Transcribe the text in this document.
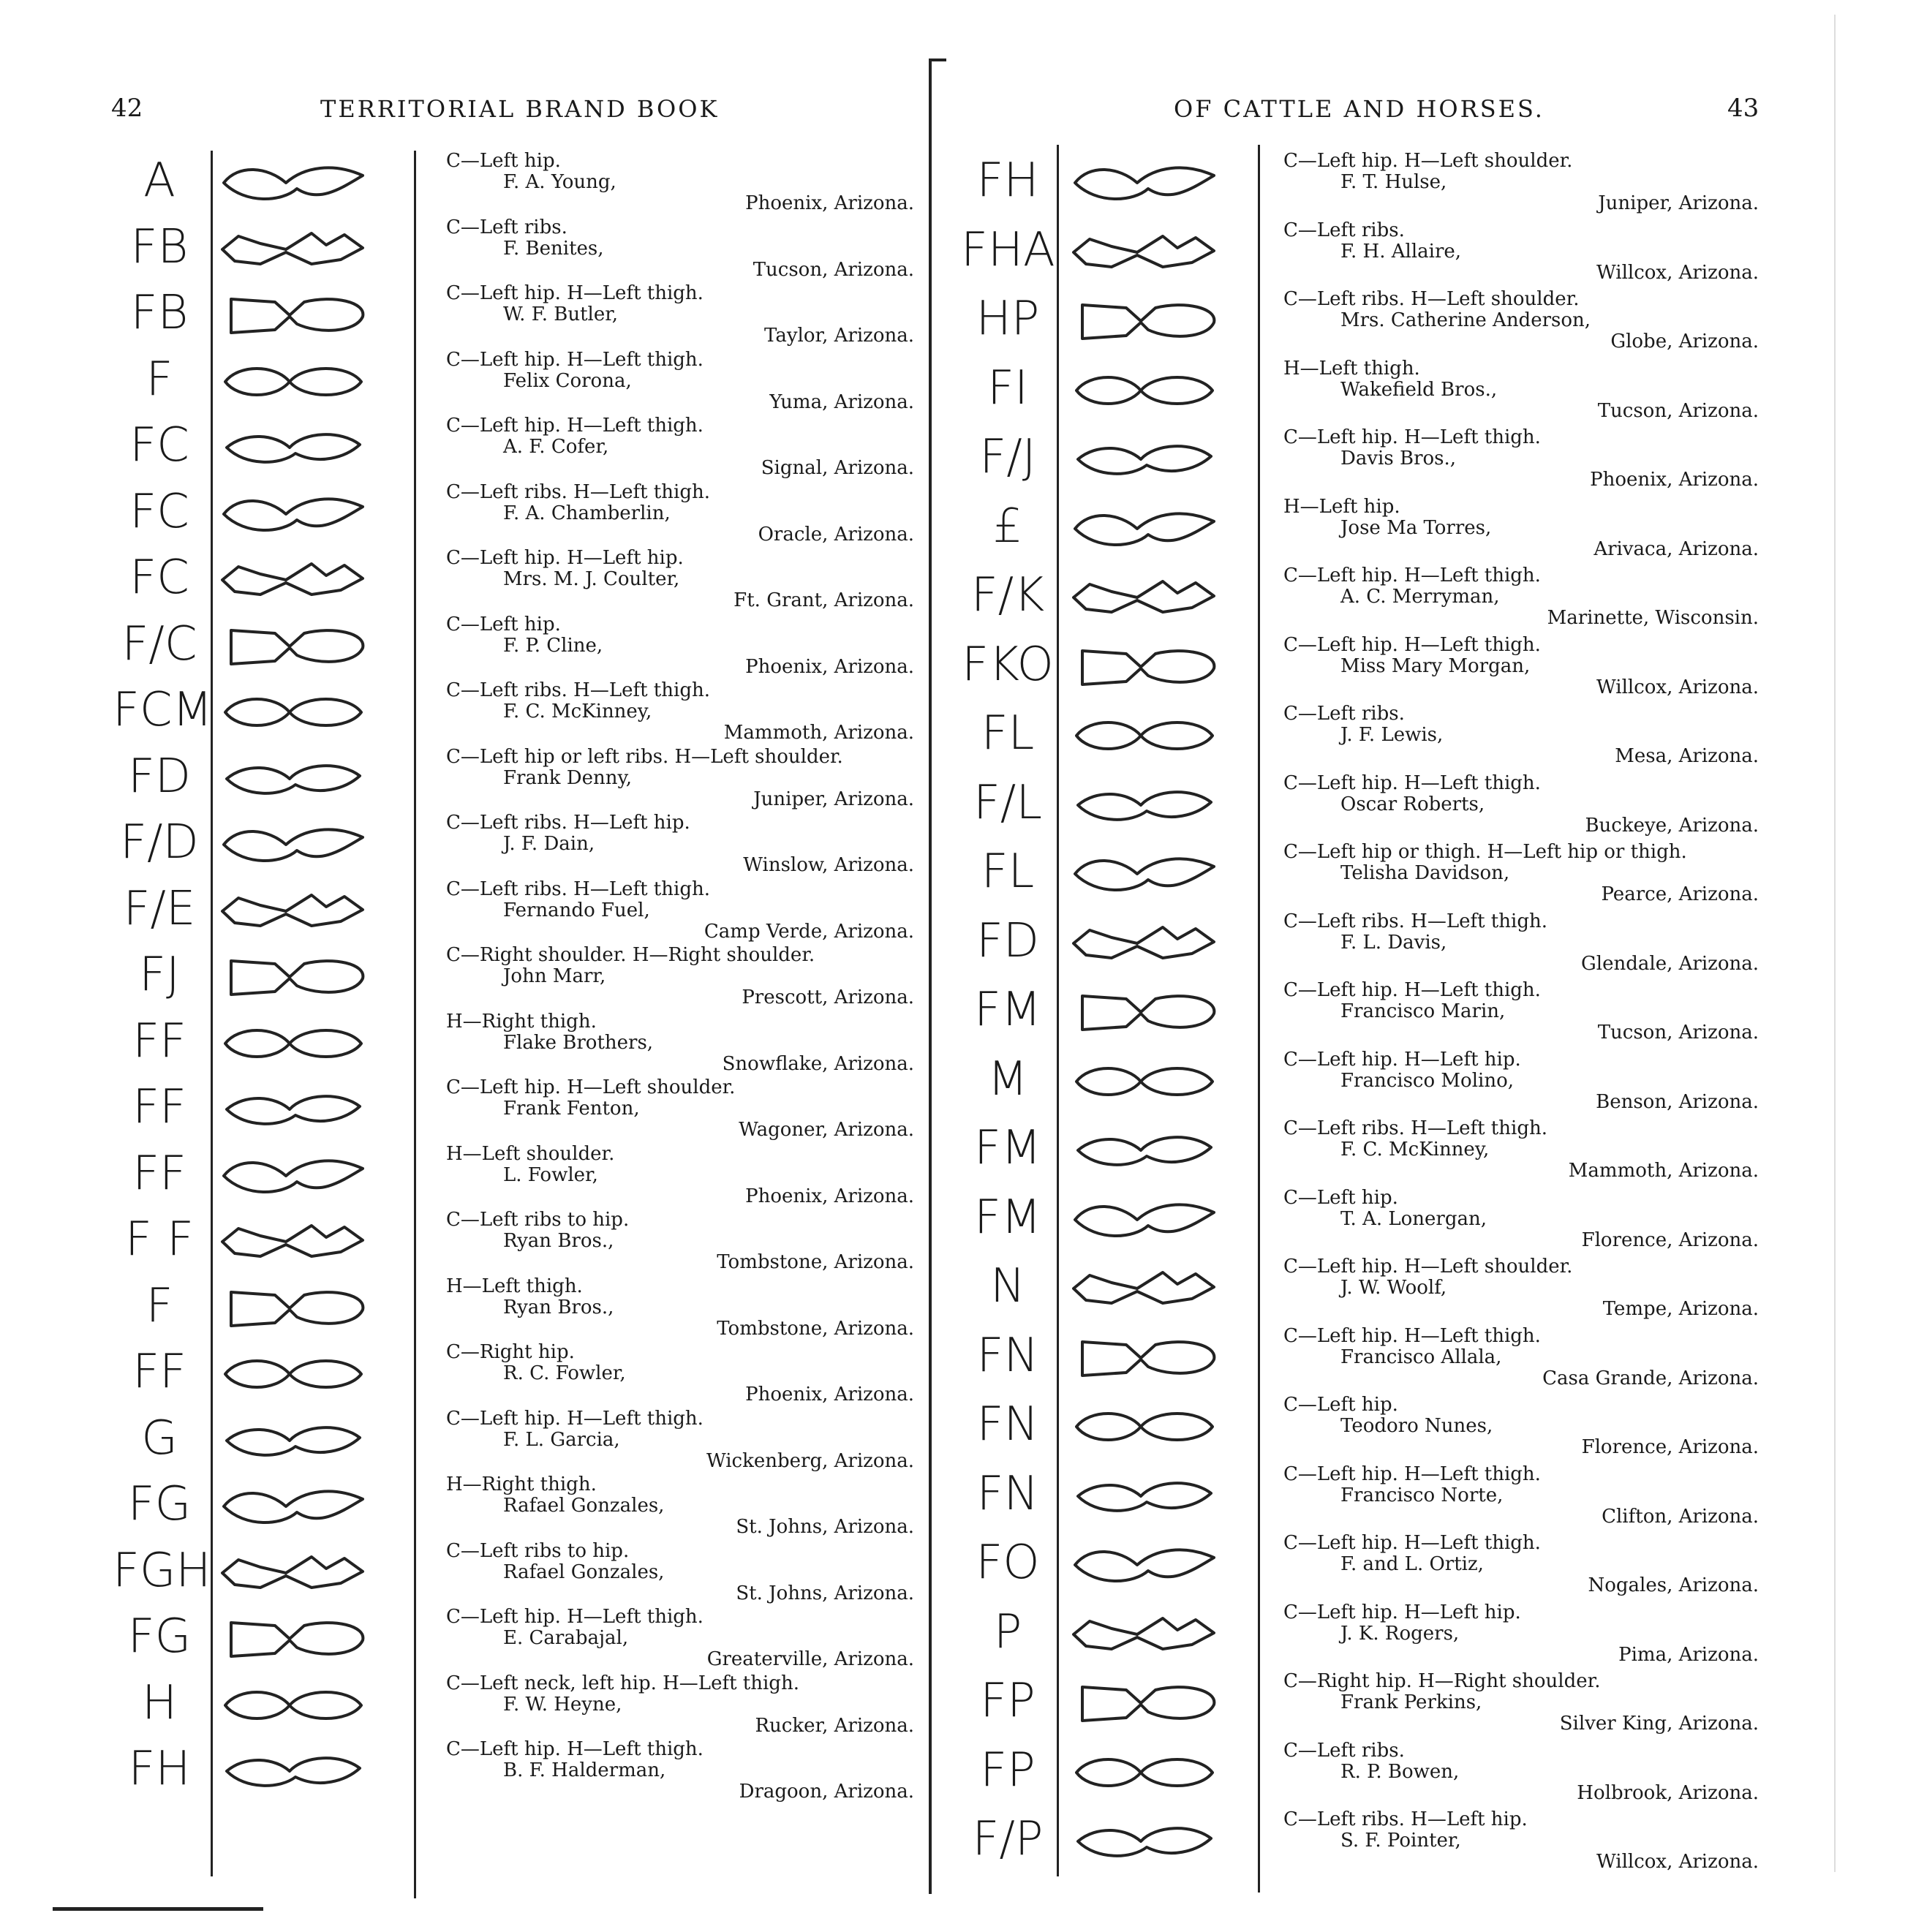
42	TERRITORIAL BRAND BOOK	OF CATTLE AND HORSES.	43
A	C—Left hip.
F. A. Young,
Phoenix, Arizona.
FB	C—Left ribs.
F. Benites,
Tucson, Arizona.
FB	C—Left hip. H—Left thigh.
W. F. Butler,
Taylor, Arizona.
F	C—Left hip. H—Left thigh.
Felix Corona,
Yuma, Arizona.
FC	C—Left hip. H—Left thigh.
A. F. Cofer,
Signal, Arizona.
FC	C—Left ribs. H—Left thigh.
F. A. Chamberlin,
Oracle, Arizona.
FC	C—Left hip. H—Left hip.
Mrs. M. J. Coulter,
Ft. Grant, Arizona.
F/C	C—Left hip.
F. P. Cline,
Phoenix, Arizona.
FCM	C—Left ribs. H—Left thigh.
F. C. McKinney,
Mammoth, Arizona.
FD	C—Left hip or left ribs. H—Left shoulder.
Frank Denny,
Juniper, Arizona.
F/D	C—Left ribs. H—Left hip.
J. F. Dain,
Winslow, Arizona.
F/E	C—Left ribs. H—Left thigh.
Fernando Fuel,
Camp Verde, Arizona.
FJ	C—Right shoulder. H—Right shoulder.
John Marr,
Prescott, Arizona.
FF	H—Right thigh.
Flake Brothers,
Snowflake, Arizona.
FF	C—Left hip. H—Left shoulder.
Frank Fenton,
Wagoner, Arizona.
FF	H—Left shoulder.
L. Fowler,
Phoenix, Arizona.
F F	C—Left ribs to hip.
Ryan Bros.,
Tombstone, Arizona.
F	H—Left thigh.
Ryan Bros.,
Tombstone, Arizona.
FF	C—Right hip.
R. C. Fowler,
Phoenix, Arizona.
G	C—Left hip. H—Left thigh.
F. L. Garcia,
Wickenberg, Arizona.
FG	H—Right thigh.
Rafael Gonzales,
St. Johns, Arizona.
FGH	C—Left ribs to hip.
Rafael Gonzales,
St. Johns, Arizona.
FG	C—Left hip. H—Left thigh.
E. Carabajal,
Greaterville, Arizona.
H	C—Left neck, left hip. H—Left thigh.
F. W. Heyne,
Rucker, Arizona.
FH	C—Left hip. H—Left thigh.
B. F. Halderman,
Dragoon, Arizona.
FH	C—Left hip. H—Left shoulder.
F. T. Hulse,
Juniper, Arizona.
FHA	C—Left ribs.
F. H. Allaire,
Willcox, Arizona.
HP	C—Left ribs. H—Left shoulder.
Mrs. Catherine Anderson,
Globe, Arizona.
FI	H—Left thigh.
Wakefield Bros.,
Tucson, Arizona.
F/J	C—Left hip. H—Left thigh.
Davis Bros.,
Phoenix, Arizona.
£	H—Left hip.
Jose Ma Torres,
Arivaca, Arizona.
F/K	C—Left hip. H—Left thigh.
A. C. Merryman,
Marinette, Wisconsin.
FKO	C—Left hip. H—Left thigh.
Miss Mary Morgan,
Willcox, Arizona.
FL	C—Left ribs.
J. F. Lewis,
Mesa, Arizona.
F/L	C—Left hip. H—Left thigh.
Oscar Roberts,
Buckeye, Arizona.
FL	C—Left hip or thigh. H—Left hip or thigh.
Telisha Davidson,
Pearce, Arizona.
FD	C—Left ribs. H—Left thigh.
F. L. Davis,
Glendale, Arizona.
FM	C—Left hip. H—Left thigh.
Francisco Marin,
Tucson, Arizona.
M	C—Left hip. H—Left hip.
Francisco Molino,
Benson, Arizona.
FM	C—Left ribs. H—Left thigh.
F. C. McKinney,
Mammoth, Arizona.
FM	C—Left hip.
T. A. Lonergan,
Florence, Arizona.
N	C—Left hip. H—Left shoulder.
J. W. Woolf,
Tempe, Arizona.
FN	C—Left hip. H—Left thigh.
Francisco Allala,
Casa Grande, Arizona.
FN	C—Left hip.
Teodoro Nunes,
Florence, Arizona.
FN	C—Left hip. H—Left thigh.
Francisco Norte,
Clifton, Arizona.
FO	C—Left hip. H—Left thigh.
F. and L. Ortiz,
Nogales, Arizona.
P	C—Left hip. H—Left hip.
J. K. Rogers,
Pima, Arizona.
FP	C—Right hip. H—Right shoulder.
Frank Perkins,
Silver King, Arizona.
FP	C—Left ribs.
R. P. Bowen,
Holbrook, Arizona.
F/P	C—Left ribs. H—Left hip.
S. F. Pointer,
Willcox, Arizona.
